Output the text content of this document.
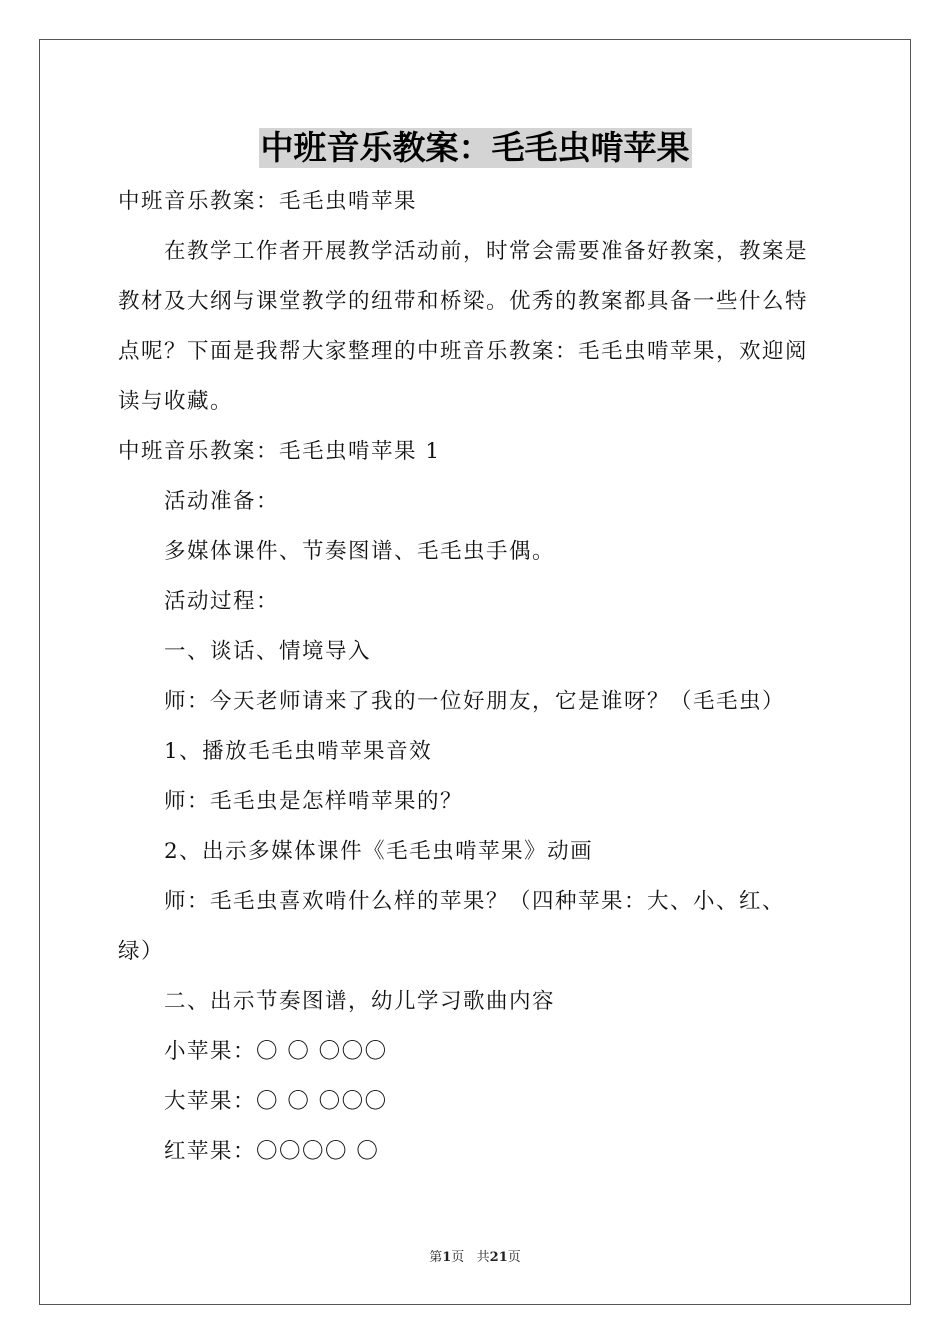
中班音乐教案：毛毛虫啃苹果
中班音乐教案：毛毛虫啃苹果
在教学工作者开展教学活动前，时常会需要准备好教案，教案是
教材及大纲与课堂教学的纽带和桥梁。优秀的教案都具备一些什么特
点呢？下面是我帮大家整理的中班音乐教案：毛毛虫啃苹果，欢迎阅
读与收藏。
中班音乐教案：毛毛虫啃苹果 1
活动准备：
多媒体课件、节奏图谱、毛毛虫手偶。
活动过程：
一、谈话、情境导入
师：今天老师请来了我的一位好朋友，它是谁呀？（毛毛虫）
1、播放毛毛虫啃苹果音效
师：毛毛虫是怎样啃苹果的？
2、出示多媒体课件《毛毛虫啃苹果》动画
师：毛毛虫喜欢啃什么样的苹果？（四种苹果：大、小、红、
绿）
二、出示节奏图谱，幼儿学习歌曲内容
小苹果：〇 〇 〇〇〇
大苹果：〇 〇 〇〇〇
红苹果：〇〇〇〇 〇
第1页   共21页
